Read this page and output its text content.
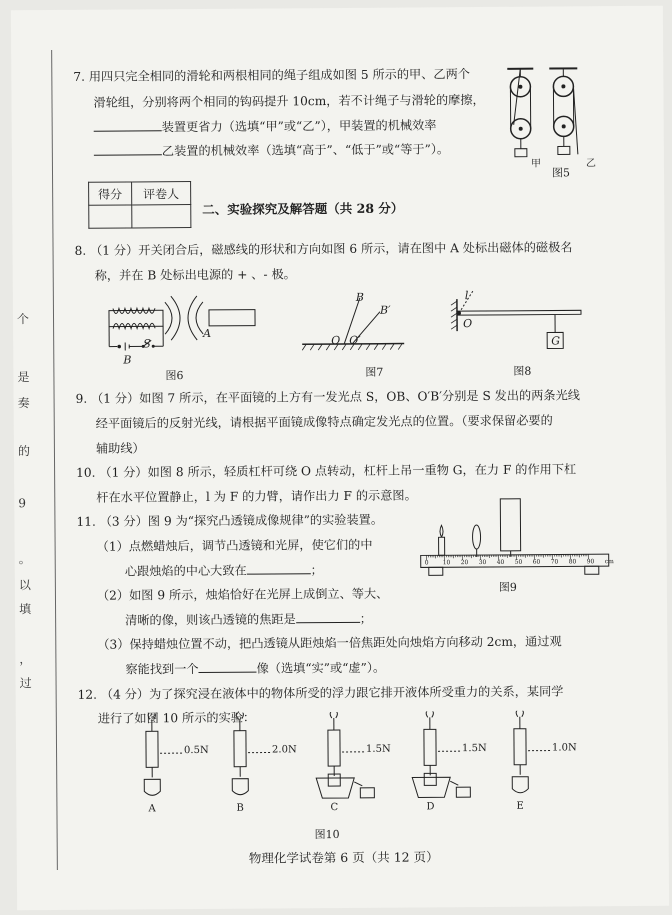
个
是
奏
的
9
。
以
填
，
过
7. 用四只完全相同的滑轮和两根相同的绳子组成如图 5 所示的甲、乙两个
滑轮组，分别将两个相同的钩码提升 10cm，若不计绳子与滑轮的摩擦，
装置更省力（选填“甲”或“乙”），甲装置的机械效率
乙装置的机械效率（选填“高于”、“低于”或“等于”）。
甲	乙
图5
得分	评卷人

二、实验探究及解答题（共 28 分）
8. （1 分）开关闭合后，磁感线的形状和方向如图 6 所示，请在图中 A 处标出磁体的磁极名
称，并在 B 处标出电源的 + 、- 极。
A
B
S
图6
B
B′
O O′
图7
l
O
G
图8
9. （1 分）如图 7 所示，在平面镜的上方有一发光点 S，OB、O′B′分别是 S 发出的两条光线
经平面镜后的反射光线，请根据平面镜成像特点确定发光点的位置。（要求保留必要的
辅助线）
10. （1 分）如图 8 所示，轻质杠杆可绕 O 点转动，杠杆上吊一重物 G，在力 F 的作用下杠
杆在水平位置静止，l 为 F 的力臂，请作出力 F 的示意图。
11. （3 分）图 9 为“探究凸透镜成像规律”的实验装置。
（1）点燃蜡烛后，调节凸透镜和光屏，使它们的中
心跟烛焰的中心大致在	；
（2）如图 9 所示，烛焰恰好在光屏上成倒立、等大、
清晰的像，则该凸透镜的焦距是	；
（3）保持蜡烛位置不动，把凸透镜从距烛焰一倍焦距处向烛焰方向移动 2cm，通过观
察能找到一个	像（选填“实”或“虚”）。
0 10 20 30 40 50 60 70 80 90 cm
图9
12. （4 分）为了探究浸在液体中的物体所受的浮力跟它排开液体所受重力的关系，某同学
进行了如图 10 所示的实验：
0.5N
A
2.0N
B
1.5N
C
1.5N
D
1.0N
E
图10
物理化学试卷第 6 页（共 12 页）
